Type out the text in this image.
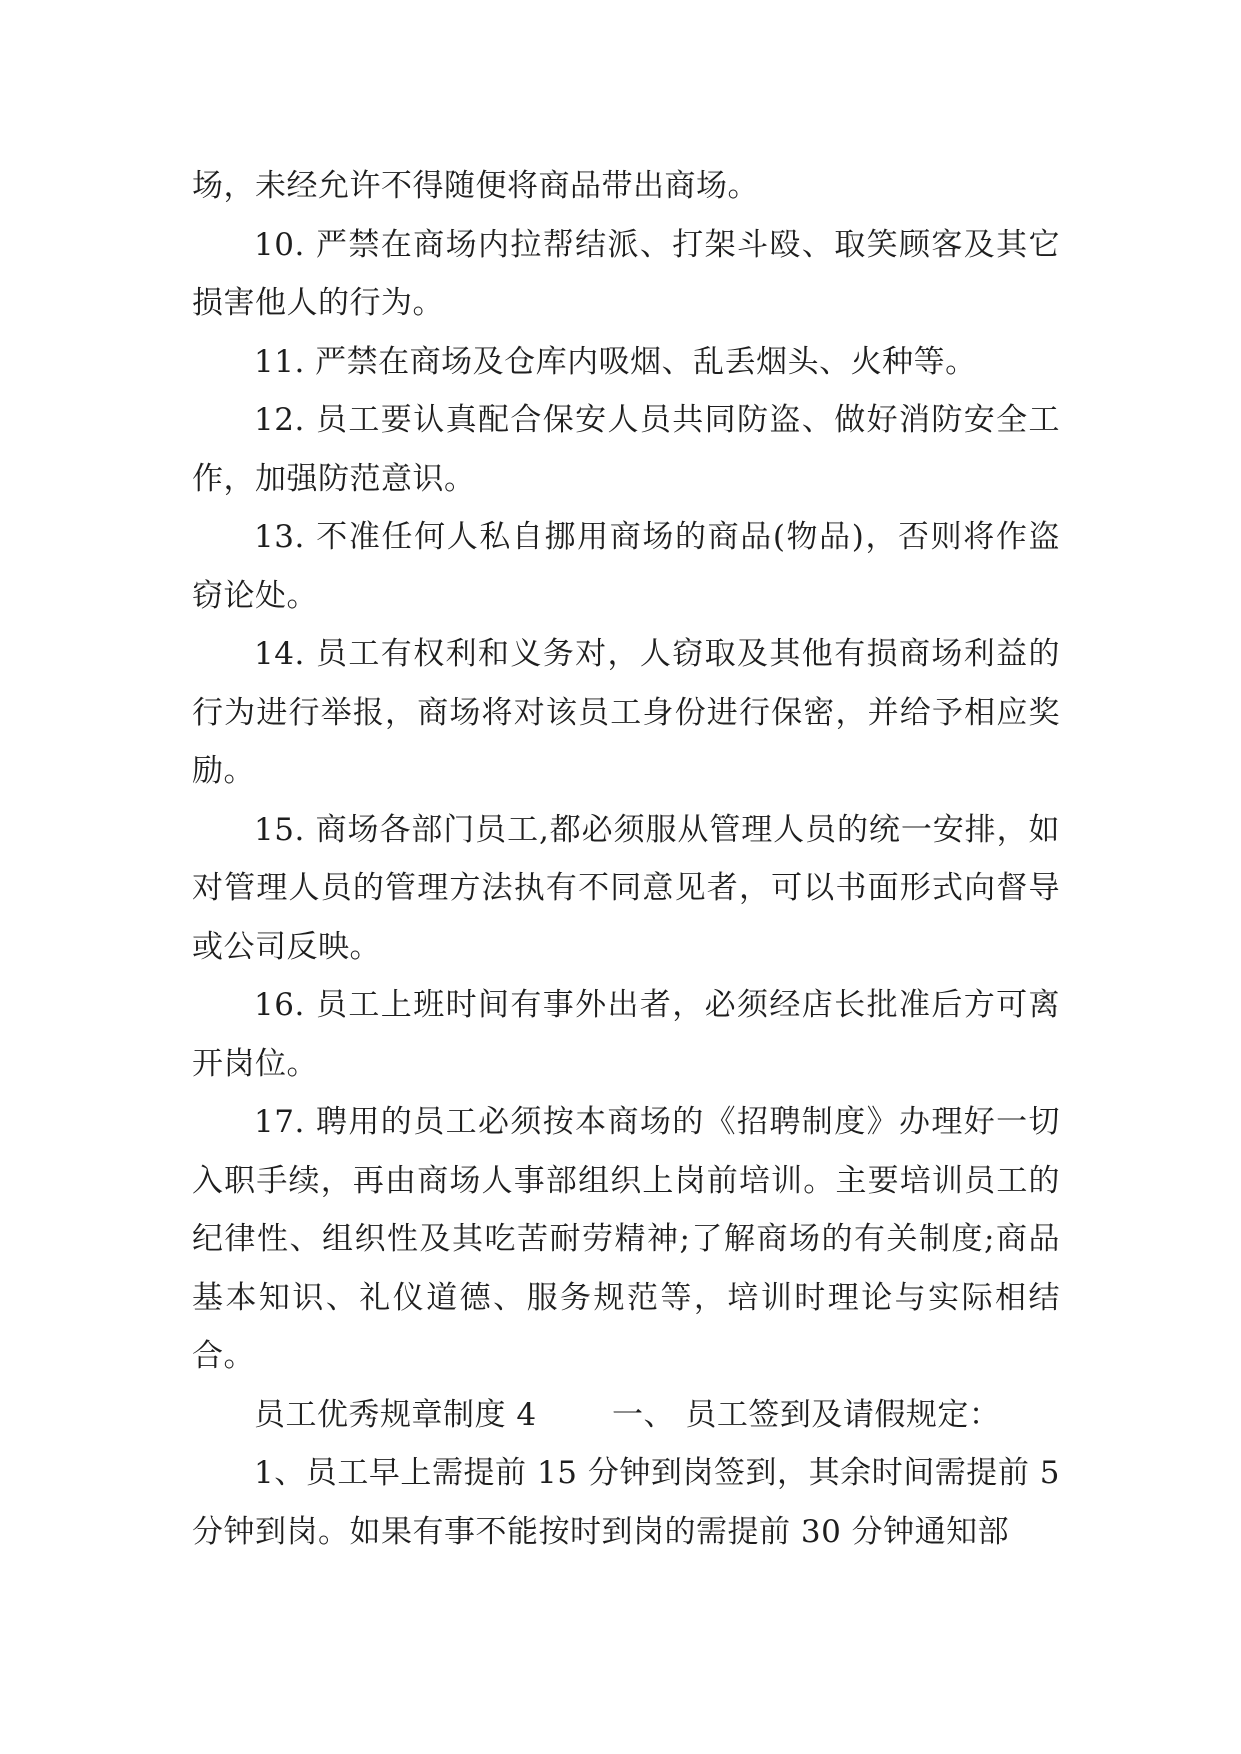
场，未经允许不得随便将商品带出商场。

10. 严禁在商场内拉帮结派、打架斗殴、取笑顾客及其它损害他人的行为。

11. 严禁在商场及仓库内吸烟、乱丢烟头、火种等。

12. 员工要认真配合保安人员共同防盗、做好消防安全工作，加强防范意识。

13. 不准任何人私自挪用商场的商品(物品)，否则将作盗窃论处。

14. 员工有权利和义务对，人窃取及其他有损商场利益的行为进行举报，商场将对该员工身份进行保密，并给予相应奖励。

15. 商场各部门员工,都必须服从管理人员的统一安排，如对管理人员的管理方法执有不同意见者，可以书面形式向督导或公司反映。

16. 员工上班时间有事外出者，必须经店长批准后方可离开岗位。

17. 聘用的员工必须按本商场的《招聘制度》办理好一切入职手续，再由商场人事部组织上岗前培训。主要培训员工的纪律性、组织性及其吃苦耐劳精神;了解商场的有关制度;商品基本知识、礼仪道德、服务规范等，培训时理论与实际相结合。

员工优秀规章制度 4	一、 员工签到及请假规定：

1、员工早上需提前 15 分钟到岗签到，其余时间需提前 5 分钟到岗。如果有事不能按时到岗的需提前 30 分钟通知部
